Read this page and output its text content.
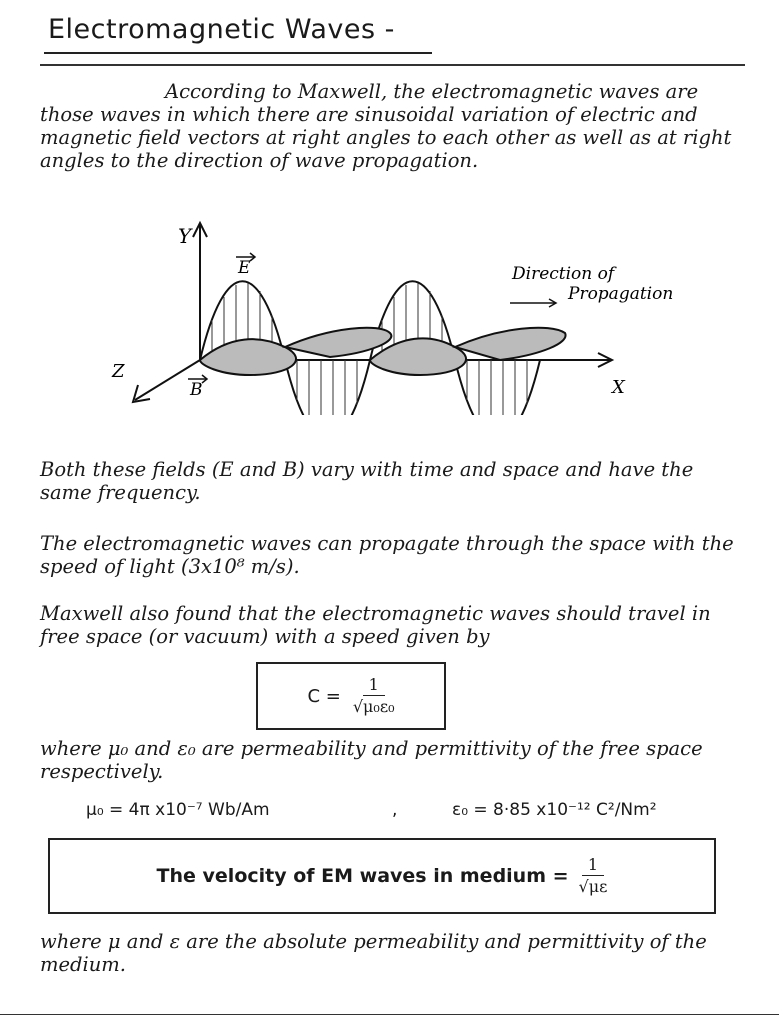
Electromagnetic Waves -
According to Maxwell, the electromagnetic waves are those waves in which there are sinusoidal variation of electric and magnetic field vectors at right angles to each other as well as at right angles to the direction of wave propagation.
Y
X
Z
E
B
Direction of
Propagation
Both these fields (E and B) vary with time and space and have the same frequency.
The electromagnetic waves can propagate through the space with the speed of light (3x10⁸ m/s).
Maxwell also found that the electromagnetic waves should travel in free space (or vacuum) with a speed given by
$C = \frac{1}{\text{√μ₀ε₀}}$
where μ₀ and ε₀ are permeability and permittivity of the free space respectively.
μ₀ = 4π x10⁻⁷ Wb/Am	,	ε₀ = 8·85 x10⁻¹² C²/Nm²
The velocity of EM waves in medium = $\frac{1}{√\mu\varepsilon}$
where μ and ε are the absolute permeability and permittivity of the medium.
